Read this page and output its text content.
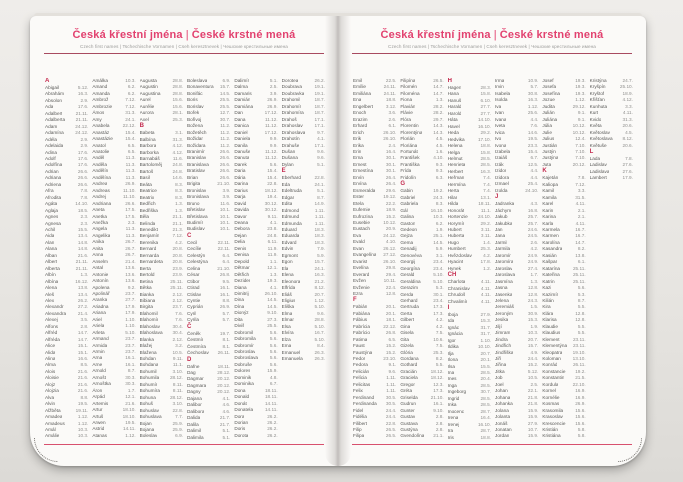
Česká křestní jména | České krstné mená
Czech first names | Tschechische Vornamen | Cseh keresztnevek | Чешские крестильные имена
A
Abigail	5.12.
Abrahám	16.3.
Absolon	2.9.
Ada	17.6.
Adalbert	21.11.
Adalberta	21.11.
Adam	24.12.
Adamína	24.12.
Adéla	2.9.
Adelaida	2.9.
Adina	17.6.
Adolf	17.6.
Adolfína	17.6.
Adrian	26.6.
Adriana	26.6.
Adriena	26.6.
Afra	7.8.
Afrodita	7.8.
Agáta	14.10.
Aglaja	18.5.
Agnes	2.3.
Agnesa	2.3.
Achil	15.5.
Aida	13.4.
Alan	14.8.
Alana	14.8.
Alban	21.6.
Albert	21.11.
Alberta	21.11.
Albín	1.3.
Albína	16.12.
Alena	13.8.
Aleš	13.4.
Alex	26.2.
Alexandr	27.2.
Alexandra	21.4.
Alexej	3.5.
Alfons	2.8.
Alfréd	14.7.
Alfréda	14.7.
Alice	15.1.
Alida	15.1.
Alina	16.6.
Alma	8.5.
Alois	21.6.
Aloisie	21.6.
Alojz	21.6.
Alojzia	21.6.
Alva	8.8.
Alvin	19.5.
Alžběta	19.11.
Amadea	1.12.
Amadeus	1.12.
Amál	10.3.
Amálie	10.3.
Amálka	10.3.
Amand	6.2.
Amanda	6.2.
Ambrož	7.12.
Ambrozie	7.12.
Ámos	31.3.
Amy	24.1.
Anabela	22.12.
Anastáz	15.4.
Anastázie	15.4.
Anatol	6.5.
Anatolie	6.5.
Anděl	11.3.
Anděla	11.3.
Andělín	11.3.
Andělína	11.3.
Andrea	26.9.
Andreas	11.10.
Andrej	11.10.
Andriana	26.6.
Aneta	17.5.
Anetka	17.5.
Anežka	2.3.
Angela	11.3.
Angelika	11.3.
Anika	26.7.
Anita	26.7.
Anna	26.7.
Anselm	21.4.
Antal	13.6.
Antonie	13.6.
Antonín	13.6.
Apolena	9.2.
Apolinář	23.7.
Aranka	27.7.
Ariadna	17.9.
Ariana	17.9.
Ariel	1.10.
Ariela	1.10.
Arleta	5.10.
Armand	23.7.
Armida	23.7.
Armin	23.7.
Arna	16.1.
Arne	16.1.
Arnold	8.7.
Arnošt	30.3.
Arnoštka	30.3.
Áron	1.7.
Arpád	12.1.
Artemis	21.6.
Artur	18.10.
Artuš	18.10.
Arwen	19.5.
Astrid	14.11.
Atanas	1.12.
Augusta	28.8.
Augustin	28.8.
Augustina	28.8.
Aurel	15.6.
Aurélie	15.6.
Aurora	28.1.
Axel	25.3.
B
Babeta	3.1.
Balbína	31.3.
Barbora	4.12.
Barborka	4.12.
Barnabáš	11.6.
Bartoloměj	24.8.
Bartoš	24.8.
Basil	14.6.
Beáta	8.3.
Beatrice	8.3.
Beatrix	8.3.
Bedřich	1.3.
Bedřiška	1.3.
Běla	21.1.
Belinda	21.1.
Benedikt	21.3.
Benjamín	7.12.
Berenika	4.2.
Bernard	20.8.
Bernarda	20.8.
Bernardeta	20.8.
Berta	23.9.
Bertold	23.9.
Betina	25.11.
Bětka	25.11.
Bianka	2.12.
Bibiana	2.12.
Birgita	23.7.
Blahomil	7.6.
Blahomír	7.6.
Blahoslav	30.4.
Blahoslava	30.4.
Blanka	2.12.
Blažej	3.2.
Blažena	10.5.
Bohdan	9.11.
Bohdana	11.1.
Bohumil	3.10.
Bohumila	28.12.
Bohumír	8.11.
Bohumíra	8.11.
Bohuna	28.12.
Bohuš	3.10.
Bohuslav	22.8.
Bohuslava	7.7.
Bojan	25.9.
Bojana	25.9.
Boleslav	6.9.
Boleslava	6.9.
Bonaventura	15.7.
Bonifác	14.5.
Boris	25.5.
Borislav	25.5.
Bořek	12.7.
Bořivoj	30.7.
Božena	11.2.
Božetěch	11.2.
Božidar	11.2.
Božidara	11.2.
Branimír	26.6.
Branislav	26.6.
Branislava	26.6.
Bratislav	26.6.
Brian	26.6.
Brigita	21.10.
Bronislav	3.9.
Bronislava	3.9.
Bruno	11.6.
Břetislav	10.1.
Břetislava	10.1.
Budimír	10.1.
Budislav	10.1.
C
Cecil	22.11.
Cecílie	22.11.
Celestýn	6.4.
Celestýna	6.4.
Celina	21.10.
César	26.8.
Ctibor	9.5.
Ctirad	16.1.
Ctislav	16.1.
Cyntie	8.8.
Cyprián	26.9.
Cyril	5.7.
Cyrila	5.7.
Č
Čeněk	19.7.
Čestmír	8.1.
Čestmíra	8.1.
Čechoslav	26.11.
D
Dafne	18.11.
Dag	28.12.
Dagmar	20.12.
Dagmara	20.12.
Dagny	20.12.
Dajana	4.1.
Dalibor	4.6.
Dalibora	4.6.
Dalida	21.7.
Dalila	21.7.
Dalimil	5.1.
Dalimila	5.1.
Dalimír	5.1.
Dalma	2.5.
Damaris	3.9.
Damián	26.9.
Damiána	26.9.
Dan	17.12.
Dana	11.12.
Danica	11.12.
Daniel	17.12.
Daniela	9.9.
Danila	9.9.
Danuše	11.12.
Danuta	11.12.
Darek	5.6.
Daria	15.4.
Dária	15.4.
Darina	22.8.
Darius	18.12.
Darja	19.4.
David	30.12.
Davida	30.12.
Davor	9.11.
Deana	4.1.
Debora	23.8.
Dejan	24.8.
Delia	6.11.
Denis	11.9.
Denisa	11.9.
Depold	1.1.
Dětmar	12.1.
Dětřich	1.3.
Dezider	19.3.
Diana	4.1.
Dimitrij	26.10.
Dina	14.5.
Dína	14.5.
Dionýz	9.10.
Dita	27.3.
Diviš	25.5.
Dobromil	5.6.
Dobromila	5.6.
Dobromír	5.6.
Dobroslav	5.6.
Dobroslava	5.6.
Dobruše	5.6.
Dolores	15.9.
Dominik	4.8.
Dominika	6.7.
Dona	18.11.
Donald	18.11.
Donát	14.11.
Donatela	14.11.
Dora	26.2.
Dorian	26.2.
Doris	26.2.
Dorota	26.2.
Dorotea	26.2.
Doubrava	19.1.
Doubravka	19.1.
Drahomil	18.7.
Drahomír	18.7.
Drahomíra	18.7.
Drahoš	17.1.
Drahoslav	17.1.
Drahoslava	9.7.
Drahotín	4.1.
Drahuše	17.1.
Dušan	9.6.
Dušana	9.6.
Dylan	5.1.
E
Eberhard	22.8.
Eda	24.1.
Edeltruda	5.1.
Edgar	8.7.
Edita	14.9.
Edmond	1.11.
Edmund	1.11.
Edmunda	1.11.
Eduard	18.3.
Eduarda	18.3.
Edvard	18.3.
Edvin	7.9.
Egmont	5.9.
Egon	15.7.
Ela	24.1.
Elena	16.3.
Eleonora	21.2.
Elfrída	8.12.
Eliáš	20.7.
Eligius	1.12.
Eliška	5.10.
Elma	9.6.
Elmar	28.8.
Elsa	5.10.
Elvíra	16.7.
Elza	5.10.
Ema	8.4.
Emanuel	26.3.
Emanuela	26.3.
Česká křestní jména | České krstné mená
Czech first names | Tschechische Vornamen | Cseh keresztnevek | Чешские крестильные имена
Emil	22.5.
Emílie	24.11.
Emiliána	24.11.
Ena	18.8.
Engelbert	3.12.
Enoch	3.6.
Erazim	2.6.
Erhard	6.1.
Erich	26.10.
Erik	26.10.
Erika	2.4.
Erin	16.4.
Erna	30.1.
Ernest	30.1.
Ernestína	30.1.
Ervín	26.4.
Ervína	26.4.
Esmeralda	29.6.
Ester	19.12.
Etela	22.2.
Eufemie	18.9.
Eufrozina	15.2.
Eusebie	10.12.
Eustach	20.9.
Eva	24.12.
Evald	4.10.
Evan	26.12.
Evangelína	27.12.
Evarist	26.10.
Evelína	29.8.
Everard	29.4.
Evžen	10.11.
Evženie	22.4.
Ezra	12.8.
F
Fabián	20.1.
Fabiána	20.1.
Fábius	18.1.
Fabrícia	22.12.
Fabrício	26.8.
Fatima	6.5.
Faust	15.2.
Faustýna	15.2.
Fedor	23.10.
Fedora	9.1.
Felicián	9.6.
Felícia	1.11.
Felicitas	1.11.
Felix	1.11.
Ferdinand	30.5.
Ferdinanda	30.5.
Fidel	24.4.
Fidélia	24.4.
Filibert	22.8.
Filip	26.5.
Filipa	26.5.
Filipína	26.5.
Filomén	14.7.
Filoména	14.7.
Fiona	1.3.
Flavián	28.2.
Flávie	28.2.
Flóra	29.7.
Florentin	14.3.
Florentýna	14.3.
Florián	4.5.
Floriána	4.5.
Fortunát	1.6.
František	4.10.
Františka	9.3.
Frída	9.3.
Fridolín	6.3.
G
Gabin	19.2.
Gabriel	24.3.
Gabriela	8.3.
Gál	16.10.
Galina	10.3.
Gaston	6.2.
Gedeon	1.9.
Gejza	25.1.
Gema	14.5.
Genadij	5.9.
Genovéva	3.1.
Georgij	23.4.
Georgína	23.4.
Gerald	5.10.
Geraldina	5.10.
Gerazim	5.3.
Gerda	30.1.
Gerhard	23.4.
Gertruda	17.3.
Gerta	17.3.
Gilbert	4.2.
Gina	4.2.
Gisela	7.5.
Gita	10.6.
Gizela	7.5.
Glória	25.3.
Gordana	8.2.
Gothard	5.5.
Gracián	18.12.
Graciela	18.12.
Gregor	12.3.
Gréta	17.3.
Griselda	21.10.
Gudrun	16.1.
Gunter	9.10.
Gustav	2.8.
Gustava	2.8.
Gustýna	2.8.
Gvendolína	21.1.
H
Hagen	28.3.
Hana	15.8.
Hanuš	6.10.
Harald	27.7.
Harold	27.7.
Háta	14.10.
Havel	16.10.
Heda	29.2.
Hedvika	17.10.
Helena	18.8.
Helga	15.8.
Helmut	28.5.
Henrieta	28.5.
Herbert	16.3.
Heřman	7.4.
Hermína	7.4.
Herta	7.4.
Hilar	13.1.
Hilda	18.11.
Honorát	11.1.
Hortenzie	24.10.
Horymír	29.2.
Hubert	3.11.
Huberta	3.11.
Hugo	1.4.
Humbert	25.3.
Hvězdoslav	4.2.
Hyacint	17.8.
Hynek	1.2.
CH
Charlota	4.11.
Chranislav	4.11.
Chrudoš	4.11.
Chvalimír	4.11.
I
Iboja	27.9.
Ida	15.3.
Ignác	31.7.
Ignácia	31.7.
Igor	1.10.
Ildika	10.10.
Ilja	20.7.
Ilona	20.1.
Ilsa	15.5.
Ina	28.5.
Ines	20.4.
Inga	28.5.
Ingeborg	30.7.
Ingrid	28.5.
Inka	28.5.
Inocenc	28.7.
Irena	16.4.
Irenej	16.10.
Ira	28.7.
Iris	18.8.
Irma	10.9.
Irvin	5.7.
Isabela	30.8.
Isolda	16.3.
Iva	1.12.
Ivan	25.6.
Ivana	4.4.
Iveta	7.6.
Ivica	14.6.
Ivo	19.5.
Ivona	23.3.
Izabela	15.4.
Izaiáš	6.7.
Izák	12.5.
Izidor	4.4.
Izidora	4.4.
Izmael	25.4.
Izolda	24.10.
J
Jadranka	4.3.
Jáchym	16.8.
Jakub	25.7.
Jakubka	25.7.
Jan	24.6.
Jana	24.5.
Jarmil	2.6.
Jarmila	4.2.
Jaromír	24.9.
Jaromíra	24.9.
Jaroslav	27.4.
Jaroslava	1.7.
Jasmína	1.3.
Jasna	12.8.
Jasenka	12.8.
Jelena	24.3.
Jeremiáš	1.5.
Jeroným	30.9.
Jesika	15.3.
Jiljí	1.9.
Jimram	10.3.
Jindra	20.7.
Jindřich	15.7.
Jindřiška	4.9.
Jiří	24.4.
Jiřina	15.2.
Jitka	5.12.
Job	10.5.
Joel	2.5.
Johan	22.1.
Johana	21.8.
Johanka	21.8.
Jolana	15.9.
Jolanta	15.9.
Jonáš	27.9.
Jonatan	10.7.
Jordan	15.9.
Josef	19.3.
Josefa	19.3.
Josefína	19.3.
Jozue	1.12.
Judita	29.12.
Julián	9.1.
Juliána	9.1.
Júlia	10.12.
Julie	10.12.
Julius	12.4.
Justián	7.10.
Justýn	7.10.
Justýna	7.10.
Juta	20.12.
K
Kajetán	7.8.
Kaliopa	7.12.
Kamil	3.3.
Kamila	31.5.
Karel	4.11.
Karin	2.1.
Karina	2.1.
Karla	4.11.
Karmela	16.7.
Karmen	16.7.
Karolína	14.7.
Kasandra	8.2.
Kasián	13.8.
Kašpar	6.1.
Katarína	25.11.
Kateřina	25.11.
Katrin	25.11.
Kazi	5.6.
Kazimír	5.3.
Kilián	8.7.
Kira	5.5.
Klára	12.8.
Klarisa	12.8.
Klaudie	5.5.
Klaudius	5.5.
Klement	23.11.
Klementýna	23.11.
Kleopatra	19.10.
Koloman	13.10.
Konrád	26.11.
Konstancie	19.2.
Konstantin	21.5.
Kordula	22.10.
Kornel	16.9.
Kornélie	16.9.
Kosmas	26.9.
Krasomila	15.6.
Krasoslav	15.6.
Krescencie	15.6.
Kristián	5.8.
Kristiána	5.8.
Kristýna	24.7.
Kryšpín	25.10.
Kryštof	18.9.
Křišťan	4.12.
Kunhuta	3.3.
Kurt	4.11.
Kvido	31.3.
Květa	20.6.
Květoslav	4.5.
Květoslava	8.12.
Květuše	20.6.
L
Lada	7.8.
Ladislav	27.6.
Ladislava	27.6.
Lambert	17.9.
